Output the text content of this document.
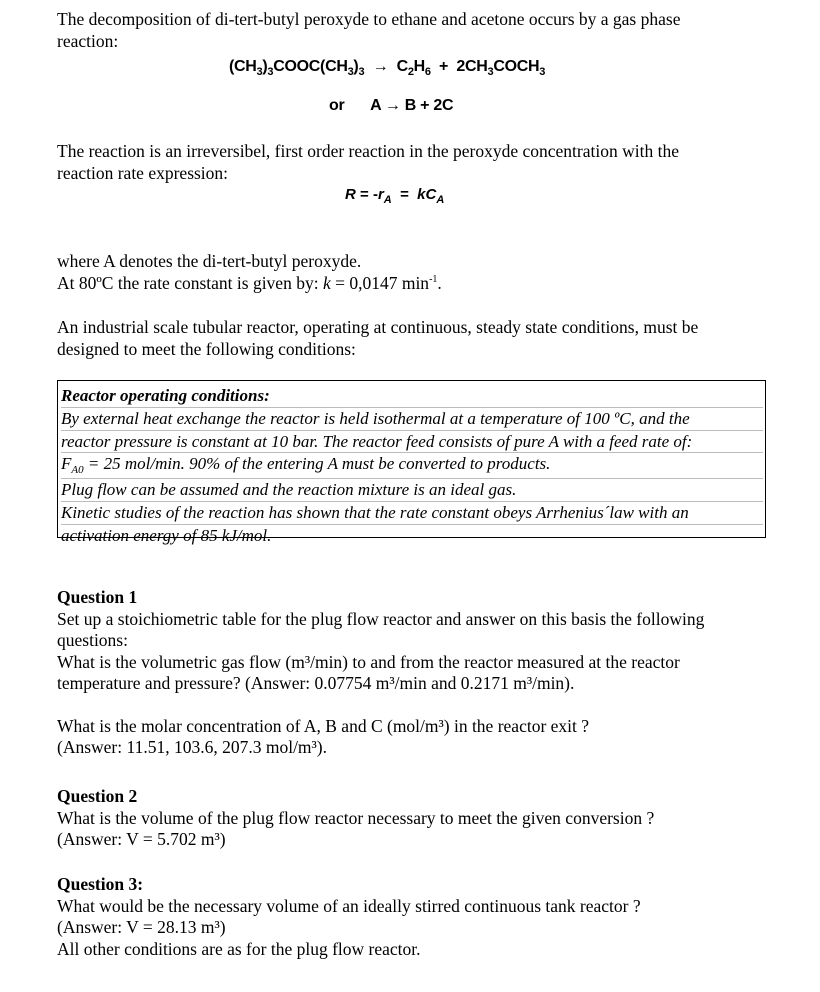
The decomposition of di-tert-butyl peroxyde to ethane and acetone occurs by a gas phase

reaction:

$(CH_3)_3COOC(CH_3)_3 \to C_2H_6$ + $2CH_3COCH_3$
or A → B + 2C

The reaction is an irreversibel, first order reaction in the peroxyde concentration with the

reaction rate expression:

$R = -r_A = kC_A$

where A denotes the di-tert-butyl peroxyde.

At 80ºC the rate constant is given by: k = 0,0147 $\min^{-1}$.

An industrial scale tubular reactor, operating at continuous, steady state conditions, must be

designed to meet the following conditions:

Reactor operating conditions:
By external heat exchange the reactor is held isothermal at a temperature of 100 ºC, and the
reactor pressure is constant at 10 bar. The reactor feed consists of pure A with a feed rate of:
$F_{A0} = 25$ mol/min. 90% of the entering A must be converted to products.
Plug flow can be assumed and the reaction mixture is an ideal gas.
Kinetic studies of the reaction has shown that the rate constant obeys Arrhenius´law with an
activation energy of 85 kJ/mol.

Question 1

Set up a stoichiometric table for the plug flow reactor and answer on this basis the following

questions:

What is the volumetric gas flow (m³/min) to and from the reactor measured at the reactor

temperature and pressure? (Answer: 0.07754 m³/min and 0.2171 m³/min).

What is the molar concentration of A, B and C (mol/m³) in the reactor exit ?

(Answer: 11.51, 103.6, 207.3 mol/m³).

Question 2

What is the volume of the plug flow reactor necessary to meet the given conversion ?

(Answer: V = 5.702 m³)

Question 3:

What would be the necessary volume of an ideally stirred continuous tank reactor ?

(Answer: V = 28.13 m³)

All other conditions are as for the plug flow reactor.
